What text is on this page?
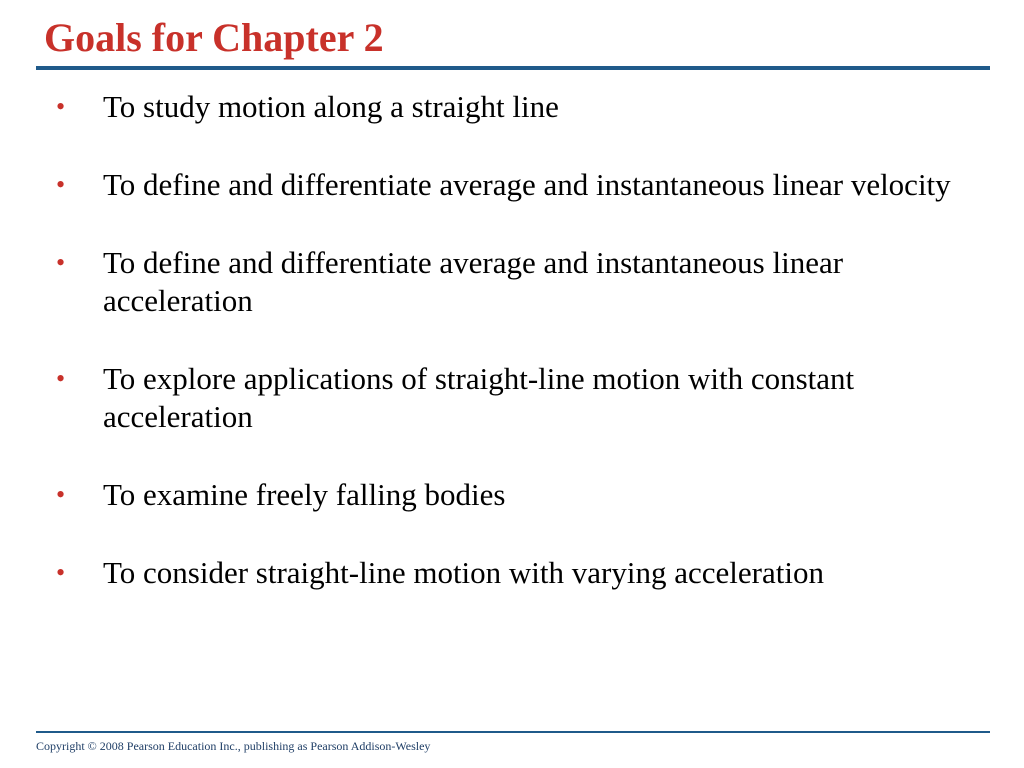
Goals for Chapter 2
• To study motion along a straight line
• To define and differentiate average and instantaneous linear velocity
• To define and differentiate average and instantaneous linear acceleration
• To explore applications of straight-line motion with constant acceleration
• To examine freely falling bodies
• To consider straight-line motion with varying acceleration
Copyright © 2008 Pearson Education Inc., publishing as Pearson Addison-Wesley
